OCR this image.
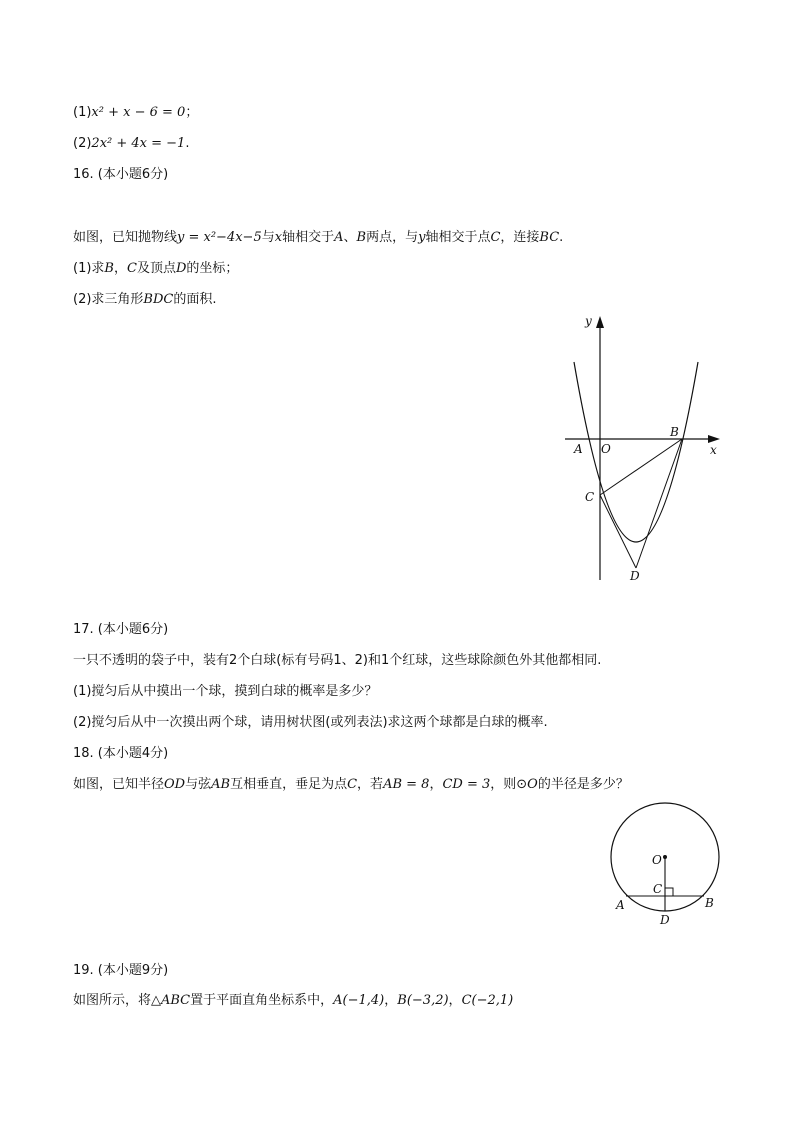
(1)x² + x − 6 = 0；
(2)2x² + 4x = −1.
16. (本小题6分)
如图，已知抛物线y = x²−4x−5与x轴相交于A、B两点，与y轴相交于点C，连接BC.
(1)求B，C及顶点D的坐标；
(2)求三角形BDC的面积.
y
x
O
A
B
C
D
17. (本小题6分)
一只不透明的袋子中，装有2个白球(标有号码1、2)和1个红球，这些球除颜色外其他都相同.
(1)搅匀后从中摸出一个球，摸到白球的概率是多少？
(2)搅匀后从中一次摸出两个球，请用树状图(或列表法)求这两个球都是白球的概率.
18. (本小题4分)
如图，已知半径OD与弦AB互相垂直，垂足为点C，若AB = 8，CD = 3，则⊙O的半径是多少？
O
C
A	B
D
19. (本小题9分)
如图所示，将△ABC置于平面直角坐标系中，A(−1,4)，B(−3,2)，C(−2,1)
